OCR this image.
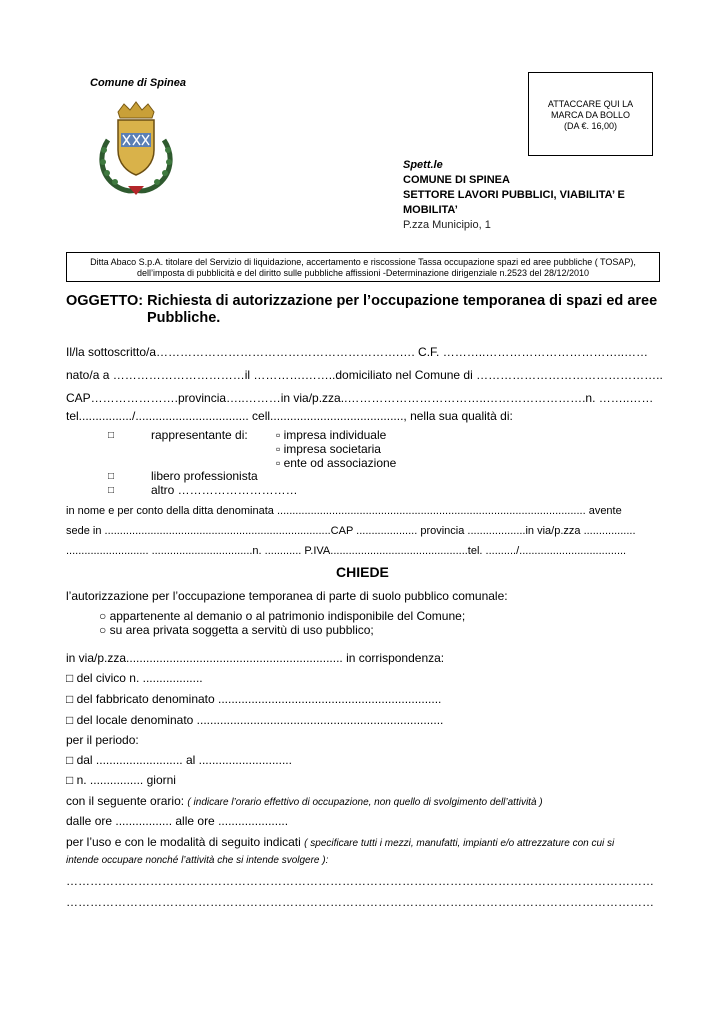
Comune di Spinea
ATTACCARE QUI LA
MARCA DA BOLLO
(DA €. 16,00)
Spett.le
COMUNE DI SPINEA
SETTORE LAVORI PUBBLICI, VIABILITA’ E
MOBILITA’
P.zza Municipio, 1
Ditta Abaco S.p.A. titolare del Servizio di liquidazione, accertamento e riscossione Tassa occupazione spazi ed aree pubbliche ( TOSAP),
dell’imposta di pubblicità e del diritto sulle pubbliche affissioni -Determinazione dirigenziale n.2523 del 28/12/2010
OGGETTO: Richiesta di autorizzazione per l’occupazione temporanea di spazi ed aree
Pubbliche.
Il/la sottoscritto/a…………………………………………………….…. C.F. ………..……………………………..……
nato/a a ……………………………il ………….……..domiciliato nel Comune di ………………………………………..
CAP………………….provincia…..………in via/p.zza..……………………………..…………………….n. ……..……
tel................/.................................. cell........................................, nella sua qualità di:
□	rappresentante di: ▫ impresa individuale
▫ impresa societaria
▫ ente od associazione
□	libero professionista
□	altro …………………………
in nome e per conto della ditta denominata ..................................................................................................... avente
sede in ..........................................................................CAP .................... provincia ...................in via/p.zza .................
........................... .................................n. ............ P.IVA.............................................tel. ........../...................................
CHIEDE
l’autorizzazione per l’occupazione temporanea di parte di suolo pubblico comunale:
○ appartenente al demanio o al patrimonio indisponibile del Comune;
○ su area privata soggetta a servitù di uso pubblico;
in via/p.zza................................................................. in corrispondenza:
□ del civico n. ..................
□ del fabbricato denominato ...................................................................
□ del locale denominato ..........................................................................
per il periodo:
□ dal .......................... al ............................
□ n. ................ giorni
con il seguente orario: ( indicare l’orario effettivo di occupazione, non quello di svolgimento dell’attività )
dalle ore ................. alle ore .....................
per l’uso e con le modalità di seguito indicati ( specificare tutti i mezzi, manufatti, impianti e/o attrezzature con cui si
intende occupare nonché l’attività che si intende svolgere ):
…………………………………………………………………………………………………………………………………
…………………………………………………………………………………………………………………………………
